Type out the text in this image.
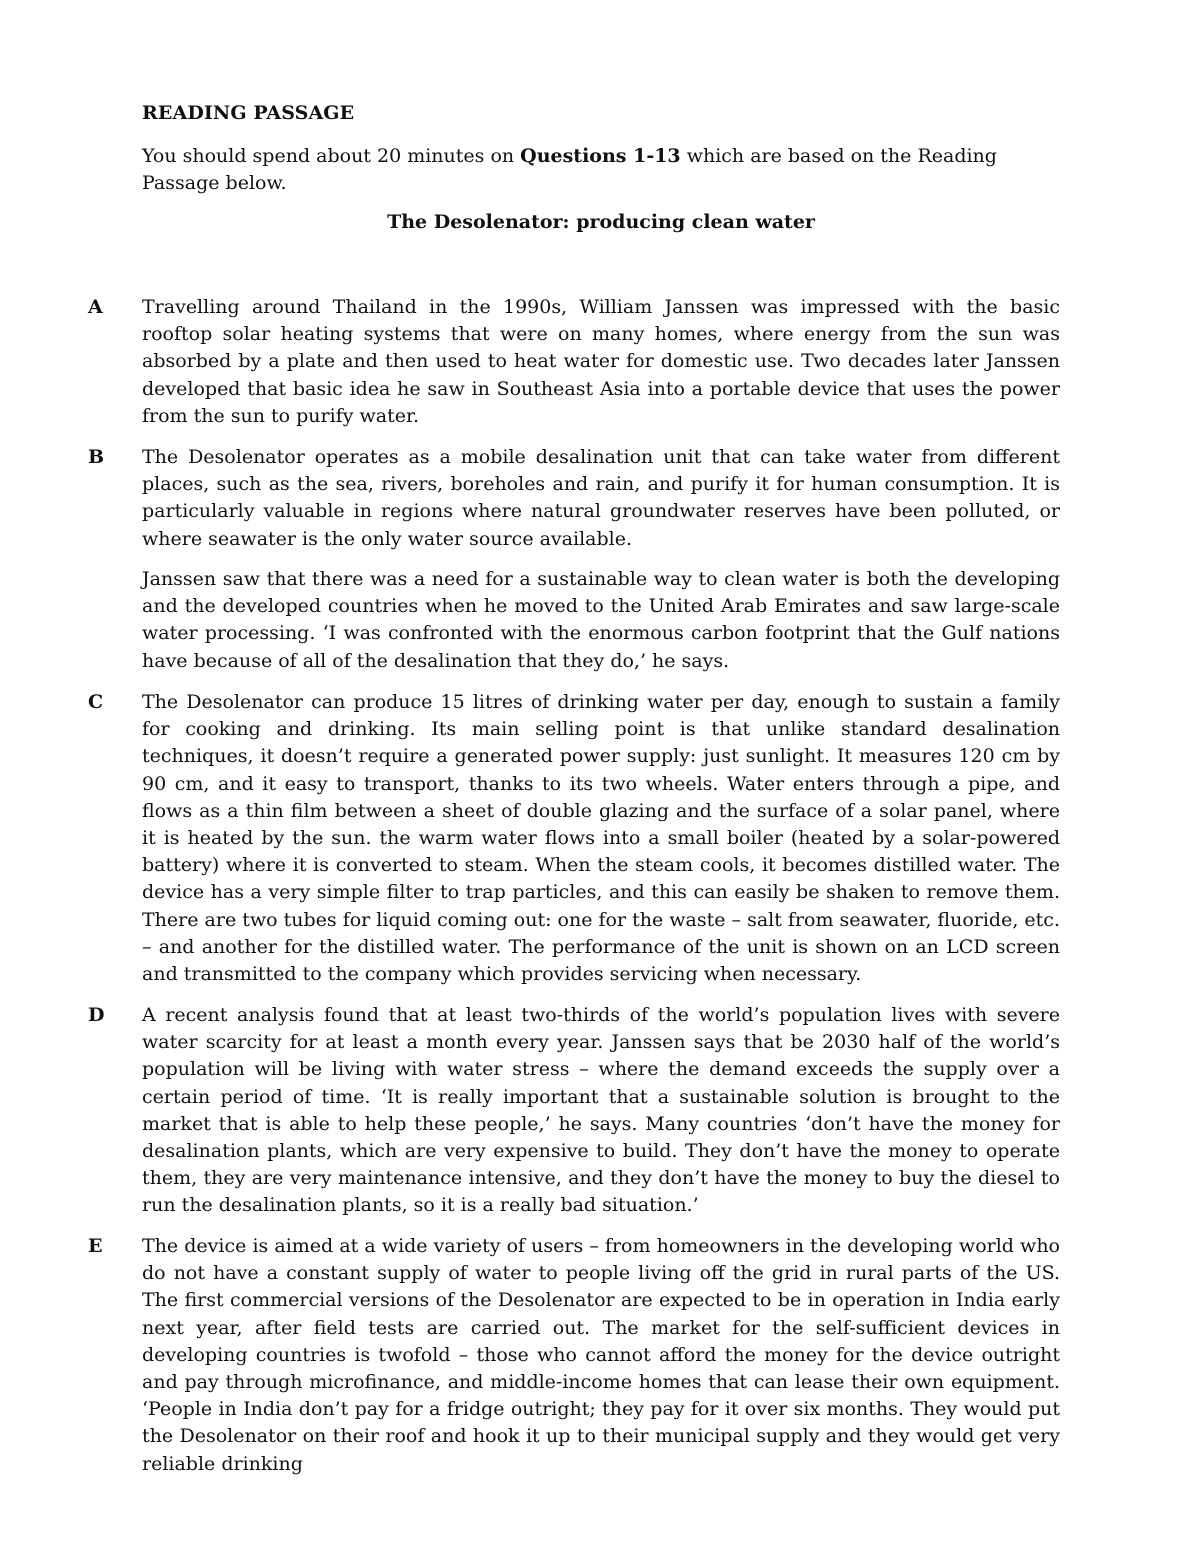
READING PASSAGE
You should spend about 20 minutes on Questions 1-13 which are based on the Reading Passage below.
The Desolenator: producing clean water
A Travelling around Thailand in the 1990s, William Janssen was impressed with the basic rooftop solar heating systems that were on many homes, where energy from the sun was absorbed by a plate and then used to heat water for domestic use. Two decades later Janssen developed that basic idea he saw in Southeast Asia into a portable device that uses the power from the sun to purify water.
B The Desolenator operates as a mobile desalination unit that can take water from different places, such as the sea, rivers, boreholes and rain, and purify it for human consumption. It is particularly valuable in regions where natural groundwater reserves have been polluted, or where seawater is the only water source available.
Janssen saw that there was a need for a sustainable way to clean water is both the developing and the developed countries when he moved to the United Arab Emirates and saw large-scale water processing. ‘I was confronted with the enormous carbon footprint that the Gulf nations have because of all of the desalination that they do,’ he says.
C The Desolenator can produce 15 litres of drinking water per day, enough to sustain a family for cooking and drinking. Its main selling point is that unlike standard desalination techniques, it doesn’t require a generated power supply: just sunlight. It measures 120 cm by 90 cm, and it easy to transport, thanks to its two wheels. Water enters through a pipe, and flows as a thin film between a sheet of double glazing and the surface of a solar panel, where it is heated by the sun. the warm water flows into a small boiler (heated by a solar-powered battery) where it is converted to steam. When the steam cools, it becomes distilled water. The device has a very simple filter to trap particles, and this can easily be shaken to remove them. There are two tubes for liquid coming out: one for the waste – salt from seawater, fluoride, etc. – and another for the distilled water. The performance of the unit is shown on an LCD screen and transmitted to the company which provides servicing when necessary.
D A recent analysis found that at least two-thirds of the world’s population lives with severe water scarcity for at least a month every year. Janssen says that be 2030 half of the world’s population will be living with water stress – where the demand exceeds the supply over a certain period of time. ‘It is really important that a sustainable solution is brought to the market that is able to help these people,’ he says. Many countries ‘don’t have the money for desalination plants, which are very expensive to build. They don’t have the money to operate them, they are very maintenance intensive, and they don’t have the money to buy the diesel to run the desalination plants, so it is a really bad situation.’
E The device is aimed at a wide variety of users – from homeowners in the developing world who do not have a constant supply of water to people living off the grid in rural parts of the US. The first commercial versions of the Desolenator are expected to be in operation in India early next year, after field tests are carried out. The market for the self-sufficient devices in developing countries is twofold – those who cannot afford the money for the device outright and pay through microfinance, and middle-income homes that can lease their own equipment. ‘People in India don’t pay for a fridge outright; they pay for it over six months. They would put the Desolenator on their roof and hook it up to their municipal supply and they would get very reliable drinking
